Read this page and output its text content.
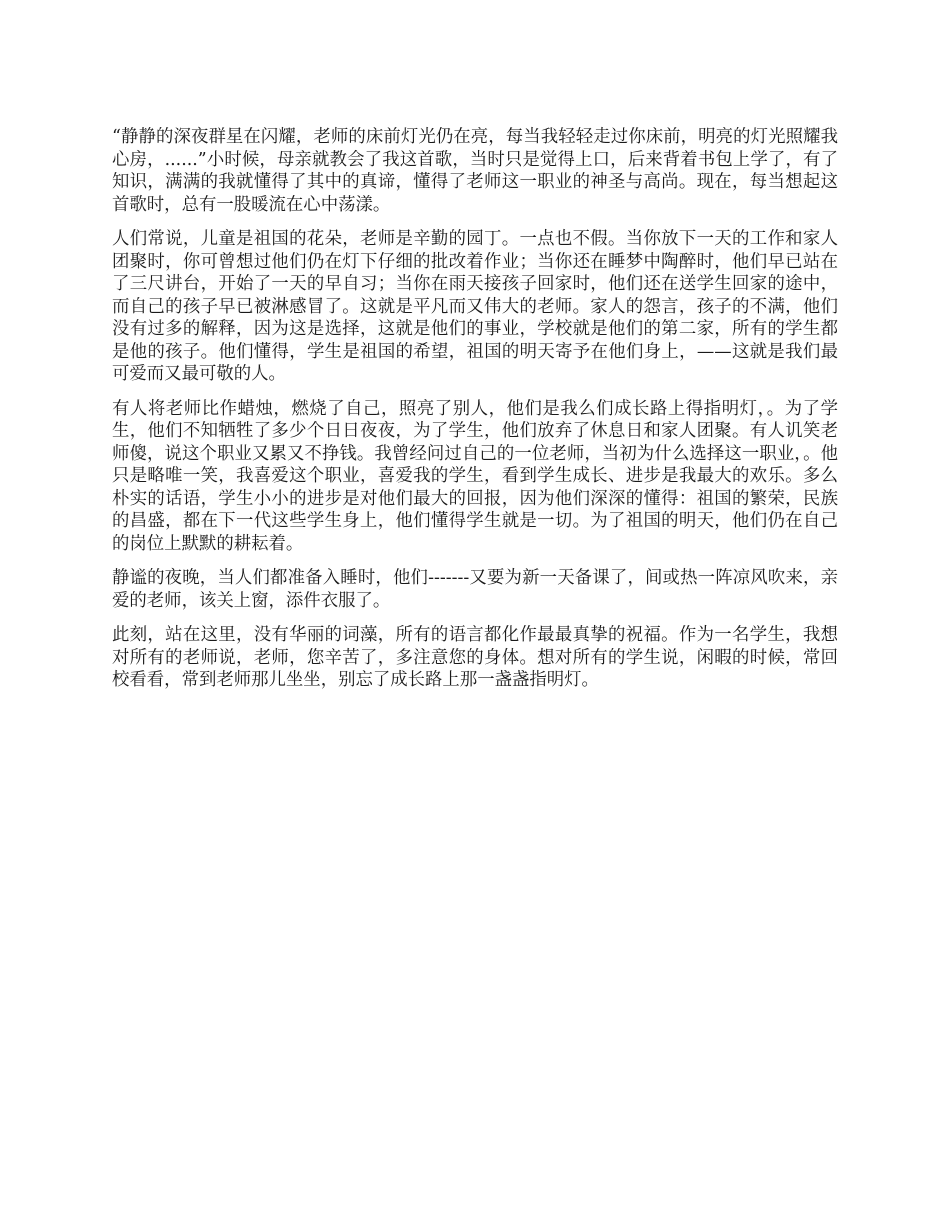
“静静的深夜群星在闪耀，老师的床前灯光仍在亮，每当我轻轻走过你床前，明亮的灯光照耀我心房，......”小时候，母亲就教会了我这首歌，当时只是觉得上口，后来背着书包上学了，有了知识，满满的我就懂得了其中的真谛，懂得了老师这一职业的神圣与高尚。现在，每当想起这首歌时，总有一股暖流在心中荡漾。

人们常说，儿童是祖国的花朵，老师是辛勤的园丁。一点也不假。当你放下一天的工作和家人团聚时，你可曾想过他们仍在灯下仔细的批改着作业；当你还在睡梦中陶醉时，他们早已站在了三尺讲台，开始了一天的早自习；当你在雨天接孩子回家时，他们还在送学生回家的途中，而自己的孩子早已被淋感冒了。这就是平凡而又伟大的老师。家人的怨言，孩子的不满，他们没有过多的解释，因为这是选择，这就是他们的事业，学校就是他们的第二家，所有的学生都是他的孩子。他们懂得，学生是祖国的希望，祖国的明天寄予在他们身上，——这就是我们最可爱而又最可敬的人。

有人将老师比作蜡烛，燃烧了自己，照亮了别人，他们是我么们成长路上得指明灯，。为了学生，他们不知牺牲了多少个日日夜夜，为了学生，他们放弃了休息日和家人团聚。有人讥笑老师傻，说这个职业又累又不挣钱。我曾经问过自己的一位老师，当初为什么选择这一职业，。他只是略唯一笑，我喜爱这个职业，喜爱我的学生，看到学生成长、进步是我最大的欢乐。多么朴实的话语，学生小小的进步是对他们最大的回报，因为他们深深的懂得：祖国的繁荣，民族的昌盛，都在下一代这些学生身上，他们懂得学生就是一切。为了祖国的明天，他们仍在自己的岗位上默默的耕耘着。

静谧的夜晚，当人们都准备入睡时，他们-------又要为新一天备课了，间或热一阵凉风吹来，亲爱的老师，该关上窗，添件衣服了。

此刻，站在这里，没有华丽的词藻，所有的语言都化作最最真挚的祝福。作为一名学生，我想对所有的老师说，老师，您辛苦了，多注意您的身体。想对所有的学生说，闲暇的时候，常回校看看，常到老师那儿坐坐，别忘了成长路上那一盏盏指明灯。
